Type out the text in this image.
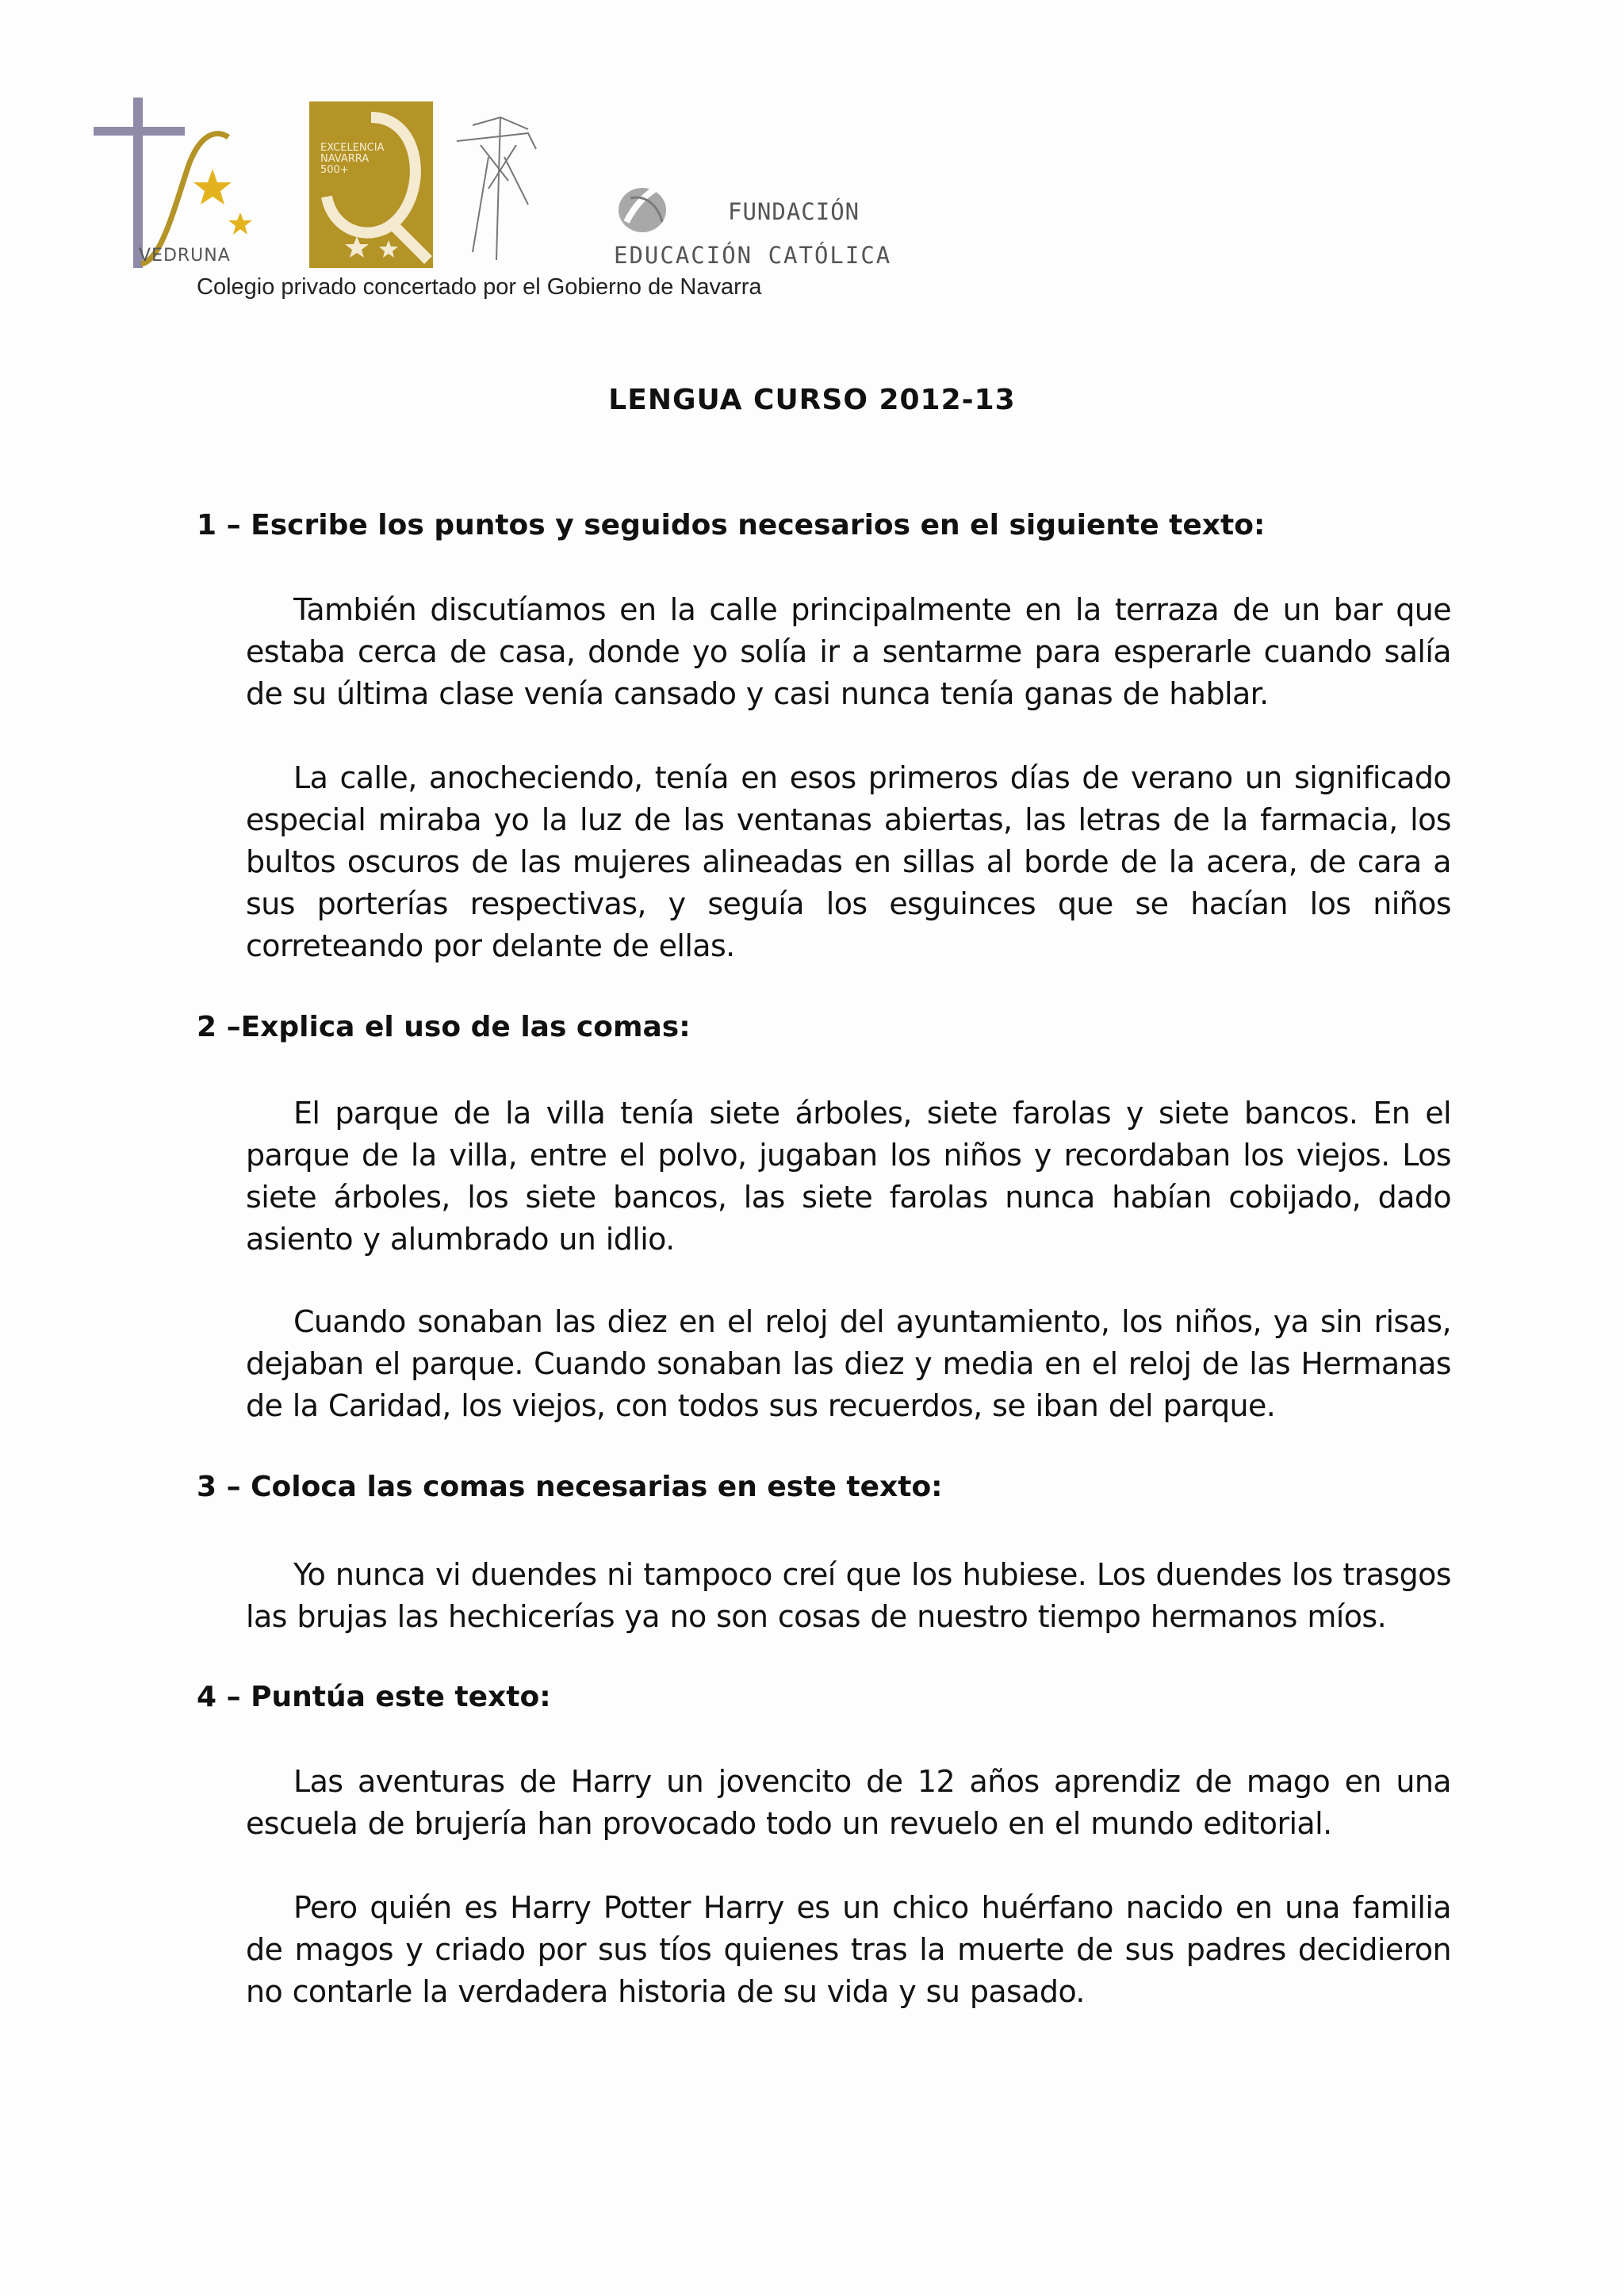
VEDRUNA
EXCELENCIA NAVARRA 500+
FUNDACIÓN
EDUCACIÓN CATÓLICA
Colegio privado concertado por el Gobierno de Navarra
LENGUA CURSO 2012-13
1 – Escribe los puntos y seguidos necesarios en el siguiente texto:
También discutíamos en la calle principalmente en la terraza de un bar que estaba cerca de casa, donde yo solía ir a sentarme para esperarle cuando salía de su última clase venía cansado y casi nunca tenía ganas de hablar.
La calle, anocheciendo, tenía en esos primeros días de verano un significado especial miraba yo la luz de las ventanas abiertas, las letras de la farmacia, los bultos oscuros de las mujeres alineadas en sillas al borde de la acera, de cara a sus porterías respectivas, y seguía los esguinces que se hacían los niños correteando por delante de ellas.
2 –Explica el uso de las comas:
El parque de la villa tenía siete árboles, siete farolas y siete bancos. En el parque de la villa, entre el polvo, jugaban los niños y recordaban los viejos. Los siete árboles, los siete bancos, las siete farolas nunca habían cobijado, dado asiento y alumbrado un idlio.
Cuando sonaban las diez en el reloj del ayuntamiento, los niños, ya sin risas, dejaban el parque. Cuando sonaban las diez y media en el reloj de las Hermanas de la Caridad, los viejos, con todos sus recuerdos, se iban del parque.
3 – Coloca las comas necesarias en este texto:
Yo nunca vi duendes ni tampoco creí que los hubiese. Los duendes los trasgos las brujas las hechicerías ya no son cosas de nuestro tiempo hermanos míos.
4 – Puntúa este texto:
Las aventuras de Harry un jovencito de 12 años aprendiz de mago en una escuela de brujería han provocado todo un revuelo en el mundo editorial.
Pero quién es Harry Potter Harry es un chico huérfano nacido en una familia de magos y criado por sus tíos quienes tras la muerte de sus padres decidieron no contarle la verdadera historia de su vida y su pasado.
